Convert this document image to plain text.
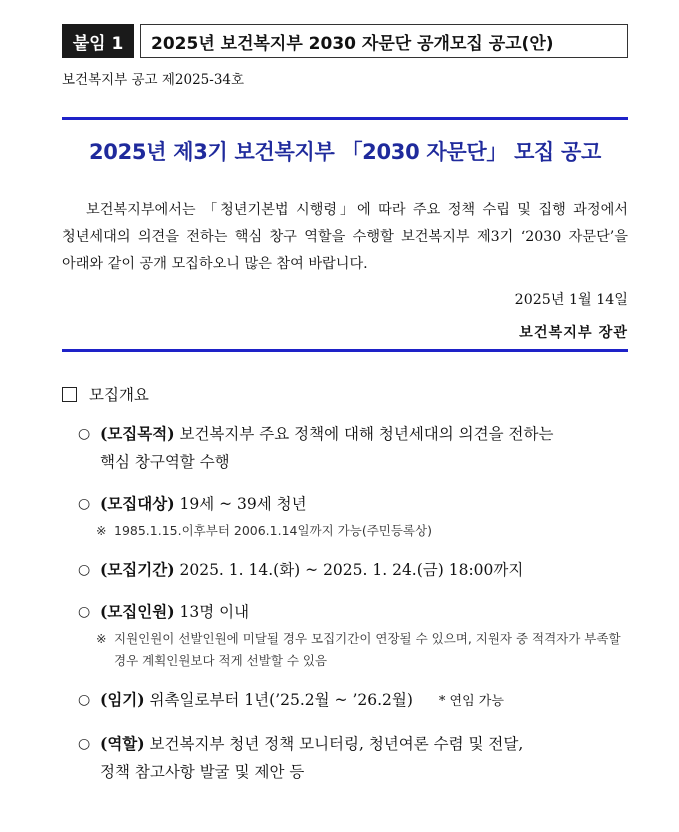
붙임 1	2025년 보건복지부 2030 자문단 공개모집 공고(안)
보건복지부 공고 제2025-34호
2025년 제3기 보건복지부 「2030 자문단」 모집 공고
보건복지부에서는 「청년기본법 시행령」에 따라 주요 정책 수립 및 집행 과정에서 청년세대의 의견을 전하는 핵심 창구 역할을 수행할 보건복지부 제3기 ‘2030 자문단’을 아래와 같이 공개 모집하오니 많은 참여 바랍니다.
2025년 1월 14일
보건복지부 장관
모집개요
○ (모집목적) 보건복지부 주요 정책에 대해 청년세대의 의견을 전하는
핵심 창구역할 수행
○ (모집대상) 19세 ~ 39세 청년
※ 1985.1.15.이후부터 2006.1.14일까지 가능(주민등록상)
○ (모집기간) 2025. 1. 14.(화) ~ 2025. 1. 24.(금) 18:00까지
○ (모집인원) 13명 이내
※ 지원인원이 선발인원에 미달될 경우 모집기간이 연장될 수 있으며, 지원자 중 적격자가 부족할 경우 계획인원보다 적게 선발할 수 있음
○ (임기) 위촉일로부터 1년(’25.2월 ~ ’26.2월) * 연임 가능
○ (역할) 보건복지부 청년 정책 모니터링, 청년여론 수렴 및 전달,
정책 참고사항 발굴 및 제안 등
